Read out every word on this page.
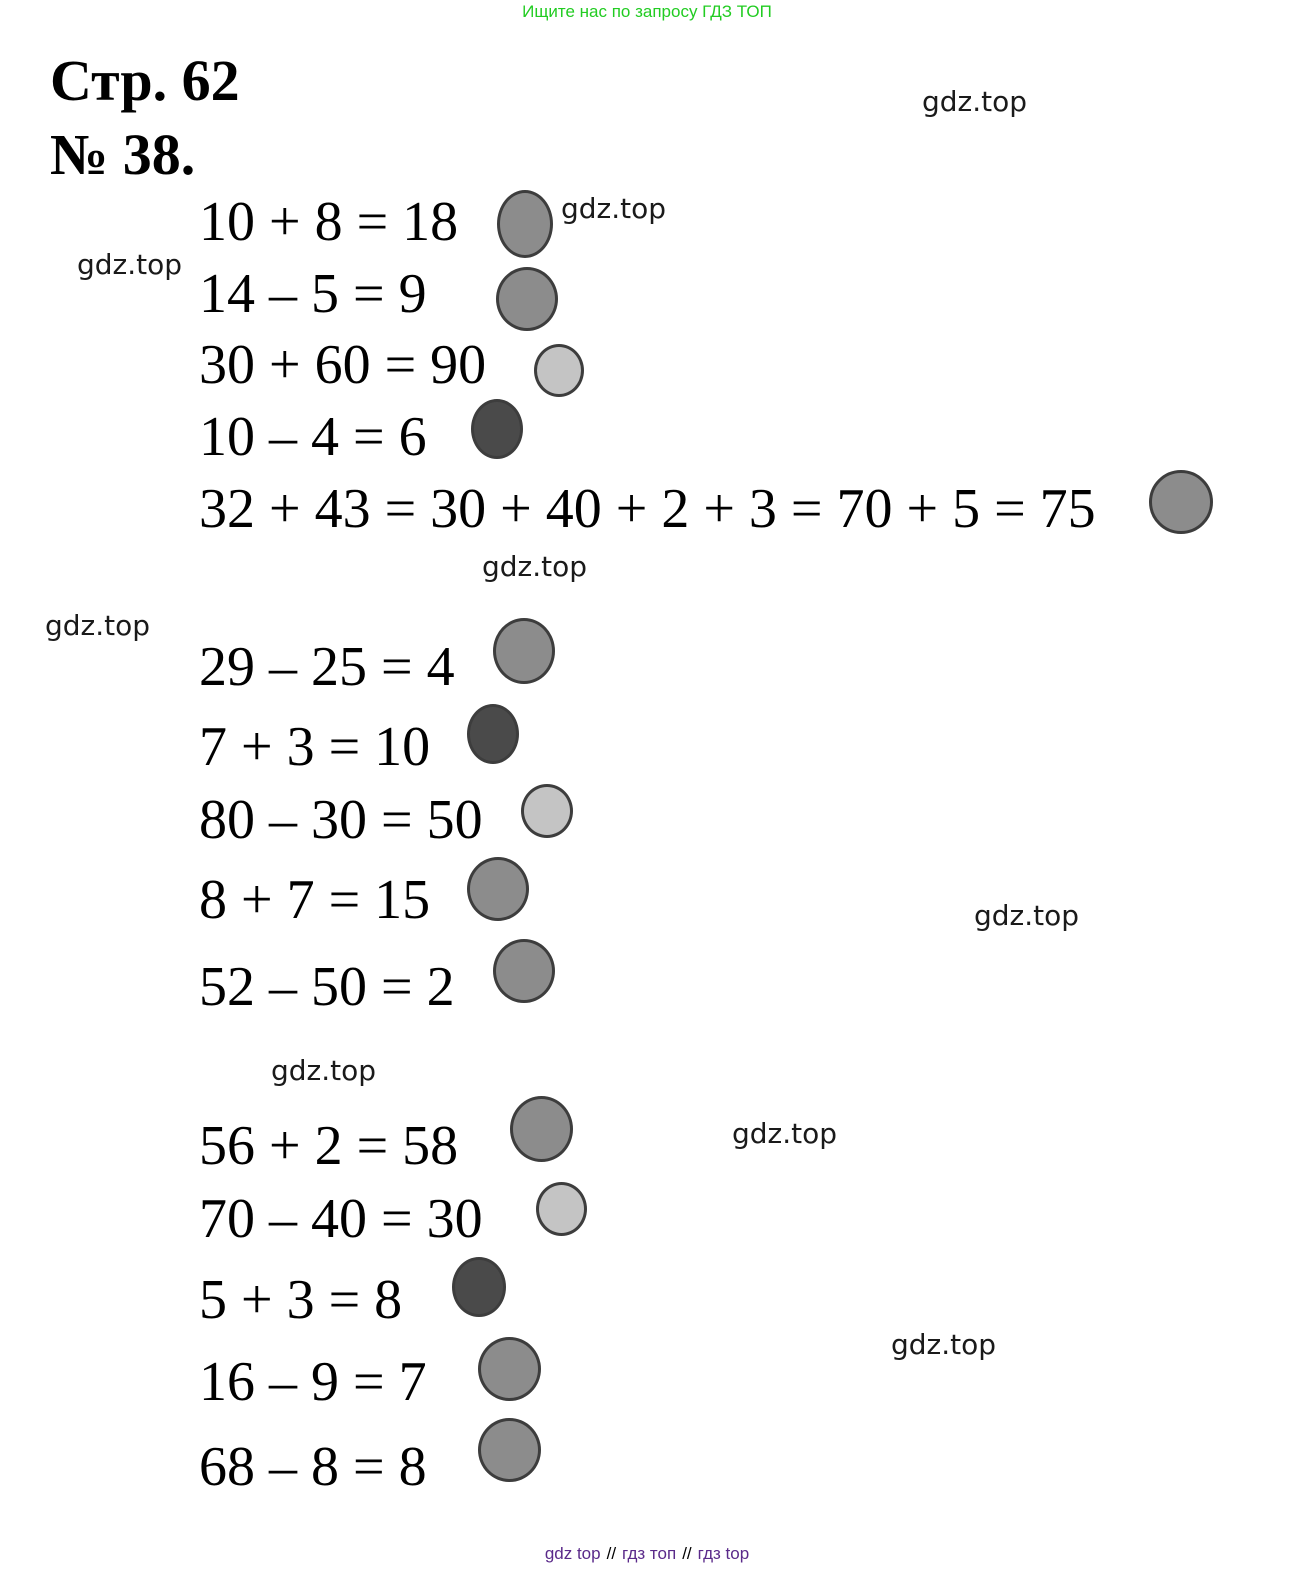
Ищите нас по запросу ГДЗ ТОП
Стр. 62
№ 38.
gdz.top
gdz.top
gdz.top
gdz.top
gdz.top
gdz.top
gdz.top
gdz.top
gdz.top
10 + 8 = 18
14 – 5 = 9
30 + 60 = 90
10 – 4 = 6
32 + 43 = 30 + 40 + 2 + 3 = 70 + 5 = 75
29 – 25 = 4
7 + 3 = 10
80 – 30 = 50
8 + 7 = 15
52 – 50 = 2
56 + 2 = 58
70 – 40 = 30
5 + 3 = 8
16 – 9 = 7
68 – 8 = 8
gdz top // гдз топ // гдз top
